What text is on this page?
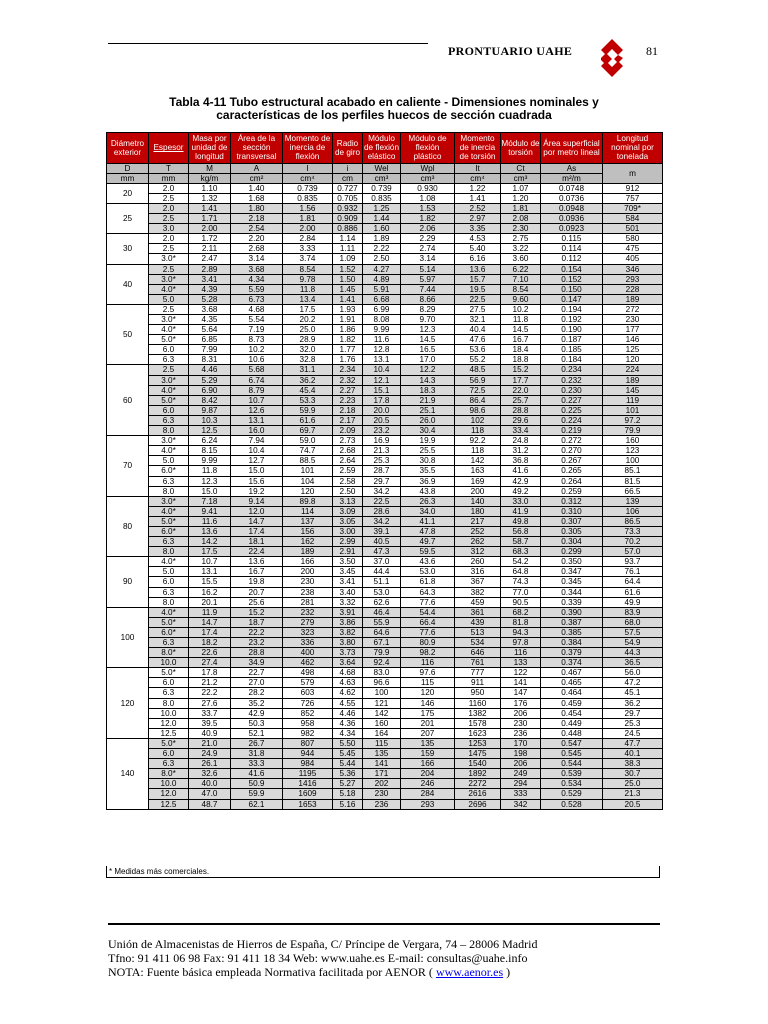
PRONTUARIO UAHE	81
Tabla 4-11 Tubo estructural acabado en caliente - Dimensiones nominales y
características de los perfiles huecos de sección cuadrada
Diámetro exterior	Espesor	Masa por unidad de longitud	Área de la sección transversal	Momento de inercia de flexión	Radio de giro	Módulo de flexión elástico	Módulo de flexión plástico	Momento de inercia de torsión	Módulo de torsión	Área superficial por metro lineal	Longitud nominal por tonelada
D	T	M	A	I	i	Wel	Wpl	It	Ct	As	m
mm	mm	kg/m	cm²	cm⁴	cm	cm³	cm³	cm⁴	cm³	m²/m	
20	2.0	1.10	1.40	0.739	0.727	0.739	0.930	1.22	1.07	0.0748	912
	2.5	1.32	1.68	0.835	0.705	0.835	1.08	1.41	1.20	0.0736	757
25	2.0	1.41	1.80	1.56	0.932	1.25	1.53	2.52	1.81	0.0948	709*
	2.5	1.71	2.18	1.81	0.909	1.44	1.82	2.97	2.08	0.0936	584
	3.0	2.00	2.54	2.00	0.886	1.60	2.06	3.35	2.30	0.0923	501
30	2.0	1.72	2.20	2.84	1.14	1.89	2.29	4.53	2.75	0.115	580
	2.5	2.11	2.68	3.33	1.11	2.22	2.74	5.40	3.22	0.114	475
	3.0*	2.47	3.14	3.74	1.09	2.50	3.14	6.16	3.60	0.112	405
40	2.5	2.89	3.68	8.54	1.52	4.27	5.14	13.6	6.22	0.154	346
	3.0*	3.41	4.34	9.78	1.50	4.89	5.97	15.7	7.10	0.152	293
	4.0*	4.39	5.59	11.8	1.45	5.91	7.44	19.5	8.54	0.150	228
	5.0	5.28	6.73	13.4	1.41	6.68	8.66	22.5	9.60	0.147	189
50	2.5	3.68	4.68	17.5	1.93	6.99	8.29	27.5	10.2	0.194	272
	3.0*	4.35	5.54	20.2	1.91	8.08	9.70	32.1	11.8	0.192	230
	4.0*	5.64	7.19	25.0	1.86	9.99	12.3	40.4	14.5	0.190	177
	5.0*	6.85	8.73	28.9	1.82	11.6	14.5	47.6	16.7	0.187	146
	6.0	7.99	10.2	32.0	1.77	12.8	16.5	53.6	18.4	0.185	125
	6.3	8.31	10.6	32.8	1.76	13.1	17.0	55.2	18.8	0.184	120
60	2.5	4.46	5.68	31.1	2.34	10.4	12.2	48.5	15.2	0.234	224
	3.0*	5.29	6.74	36.2	2.32	12.1	14.3	56.9	17.7	0.232	189
	4.0*	6.90	8.79	45.4	2.27	15.1	18.3	72.5	22.0	0.230	145
	5.0*	8.42	10.7	53.3	2.23	17.8	21.9	86.4	25.7	0.227	119
	6.0	9.87	12.6	59.9	2.18	20.0	25.1	98.6	28.8	0.225	101
	6.3	10.3	13.1	61.6	2.17	20.5	26.0	102	29.6	0.224	97.2
	8.0	12.5	16.0	69.7	2.09	23.2	30.4	118	33.4	0.219	79.9
70	3.0*	6.24	7.94	59.0	2.73	16.9	19.9	92.2	24.8	0.272	160
	4.0*	8.15	10.4	74.7	2.68	21.3	25.5	118	31.2	0.270	123
	5.0	9.99	12.7	88.5	2.64	25.3	30.8	142	36.8	0.267	100
	6.0*	11.8	15.0	101	2.59	28.7	35.5	163	41.6	0.265	85.1
	6.3	12.3	15.6	104	2.58	29.7	36.9	169	42.9	0.264	81.5
	8.0	15.0	19.2	120	2.50	34.2	43.8	200	49.2	0.259	66.5
80	3.0*	7.18	9.14	89.8	3.13	22.5	26.3	140	33.0	0.312	139
	4.0*	9.41	12.0	114	3.09	28.6	34.0	180	41.9	0.310	106
	5.0*	11.6	14.7	137	3.05	34.2	41.1	217	49.8	0.307	86.5
	6.0*	13.6	17.4	156	3.00	39.1	47.8	252	56.8	0.305	73.3
	6.3	14.2	18.1	162	2.99	40.5	49.7	262	58.7	0.304	70.2
	8.0	17.5	22.4	189	2.91	47.3	59.5	312	68.3	0.299	57.0
90	4.0*	10.7	13.6	166	3.50	37.0	43.6	260	54.2	0.350	93.7
	5.0	13.1	16.7	200	3.45	44.4	53.0	316	64.8	0.347	76.1
	6.0	15.5	19.8	230	3.41	51.1	61.8	367	74.3	0.345	64.4
	6.3	16.2	20.7	238	3.40	53.0	64.3	382	77.0	0.344	61.6
	8.0	20.1	25.6	281	3.32	62.6	77.6	459	90.5	0.339	49.9
100	4.0*	11.9	15.2	232	3.91	46.4	54.4	361	68.2	0.390	83.9
	5.0*	14.7	18.7	279	3.86	55.9	66.4	439	81.8	0.387	68.0
	6.0*	17.4	22.2	323	3.82	64.6	77.6	513	94.3	0.385	57.5
	6.3	18.2	23.2	336	3.80	67.1	80.9	534	97.8	0.384	54.9
	8.0*	22.6	28.8	400	3.73	79.9	98.2	646	116	0.379	44.3
	10.0	27.4	34.9	462	3.64	92.4	116	761	133	0.374	36.5
120	5.0*	17.8	22.7	498	4.68	83.0	97.6	777	122	0.467	56.0
	6.0	21.2	27.0	579	4.63	96.6	115	911	141	0.465	47.2
	6.3	22.2	28.2	603	4.62	100	120	950	147	0.464	45.1
	8.0	27.6	35.2	726	4.55	121	146	1160	176	0.459	36.2
	10.0	33.7	42.9	852	4.46	142	175	1382	206	0.454	29.7
	12.0	39.5	50.3	958	4.36	160	201	1578	230	0.449	25.3
	12.5	40.9	52.1	982	4.34	164	207	1623	236	0.448	24.5
140	5.0*	21.0	26.7	807	5.50	115	135	1253	170	0.547	47.7
	6.0	24.9	31.8	944	5.45	135	159	1475	198	0.545	40.1
	6.3	26.1	33.3	984	5.44	141	166	1540	206	0.544	38.3
	8.0*	32.6	41.6	1195	5.36	171	204	1892	249	0.539	30.7
	10.0	40.0	50.9	1416	5.27	202	246	2272	294	0.534	25.0
	12.0	47.0	59.9	1609	5.18	230	284	2616	333	0.529	21.3
	12.5	48.7	62.1	1653	5.16	236	293	2696	342	0.528	20.5
* Medidas más comerciales.
Unión de Almacenistas de Hierros de España, C/ Príncipe de Vergara, 74 – 28006 Madrid
Tfno: 91 411 06 98 Fax: 91 411 18 34 Web: www.uahe.es E-mail: consultas@uahe.info
NOTA: Fuente básica empleada Normativa facilitada por AENOR ( www.aenor.es )
